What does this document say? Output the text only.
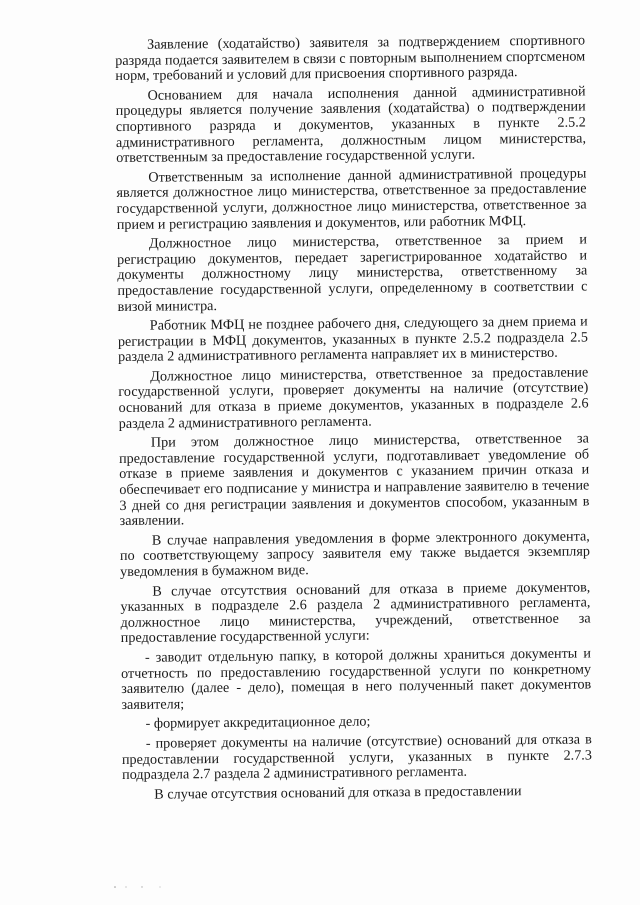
Заявление (ходатайство) заявителя за подтверждением спортивного разряда подается заявителем в связи с повторным выполнением спортсменом норм, требований и условий для присвоения спортивного разряда.

Основанием для начала исполнения данной административной процедуры является получение заявления (ходатайства) о подтверждении спортивного разряда и документов, указанных в пункте 2.5.2 административного регламента, должностным лицом министерства, ответственным за предоставление государственной услуги.

Ответственным за исполнение данной административной процедуры является должностное лицо министерства, ответственное за предоставление государственной услуги, должностное лицо министерства, ответственное за прием и регистрацию заявления и документов, или работник МФЦ.

Должностное лицо министерства, ответственное за прием и регистрацию документов, передает зарегистрированное ходатайство и документы должностному лицу министерства, ответственному за предоставление государственной услуги, определенному в соответствии с визой министра.

Работник МФЦ не позднее рабочего дня, следующего за днем приема и регистрации в МФЦ документов, указанных в пункте 2.5.2 подраздела 2.5 раздела 2 административного регламента направляет их в министерство.

Должностное лицо министерства, ответственное за предоставление государственной услуги, проверяет документы на наличие (отсутствие) оснований для отказа в приеме документов, указанных в подразделе 2.6 раздела 2 административного регламента.

При этом должностное лицо министерства, ответственное за предоставление государственной услуги, подготавливает уведомление об отказе в приеме заявления и документов с указанием причин отказа и обеспечивает его подписание у министра и направление заявителю в течение 3 дней со дня регистрации заявления и документов способом, указанным в заявлении.

В случае направления уведомления в форме электронного документа, по соответствующему запросу заявителя ему также выдается экземпляр уведомления в бумажном виде.

В случае отсутствия оснований для отказа в приеме документов, указанных в подразделе 2.6 раздела 2 административного регламента, должностное лицо министерства, учреждений, ответственное за предоставление государственной услуги:

- заводит отдельную папку, в которой должны храниться документы и отчетность по предоставлению государственной услуги по конкретному заявителю (далее - дело), помещая в него полученный пакет документов заявителя;

- формирует аккредитационное дело;

- проверяет документы на наличие (отсутствие) оснований для отказа в предоставлении государственной услуги, указанных в пункте 2.7.3 подраздела 2.7 раздела 2 административного регламента.

В случае отсутствия оснований для отказа в предоставлении
